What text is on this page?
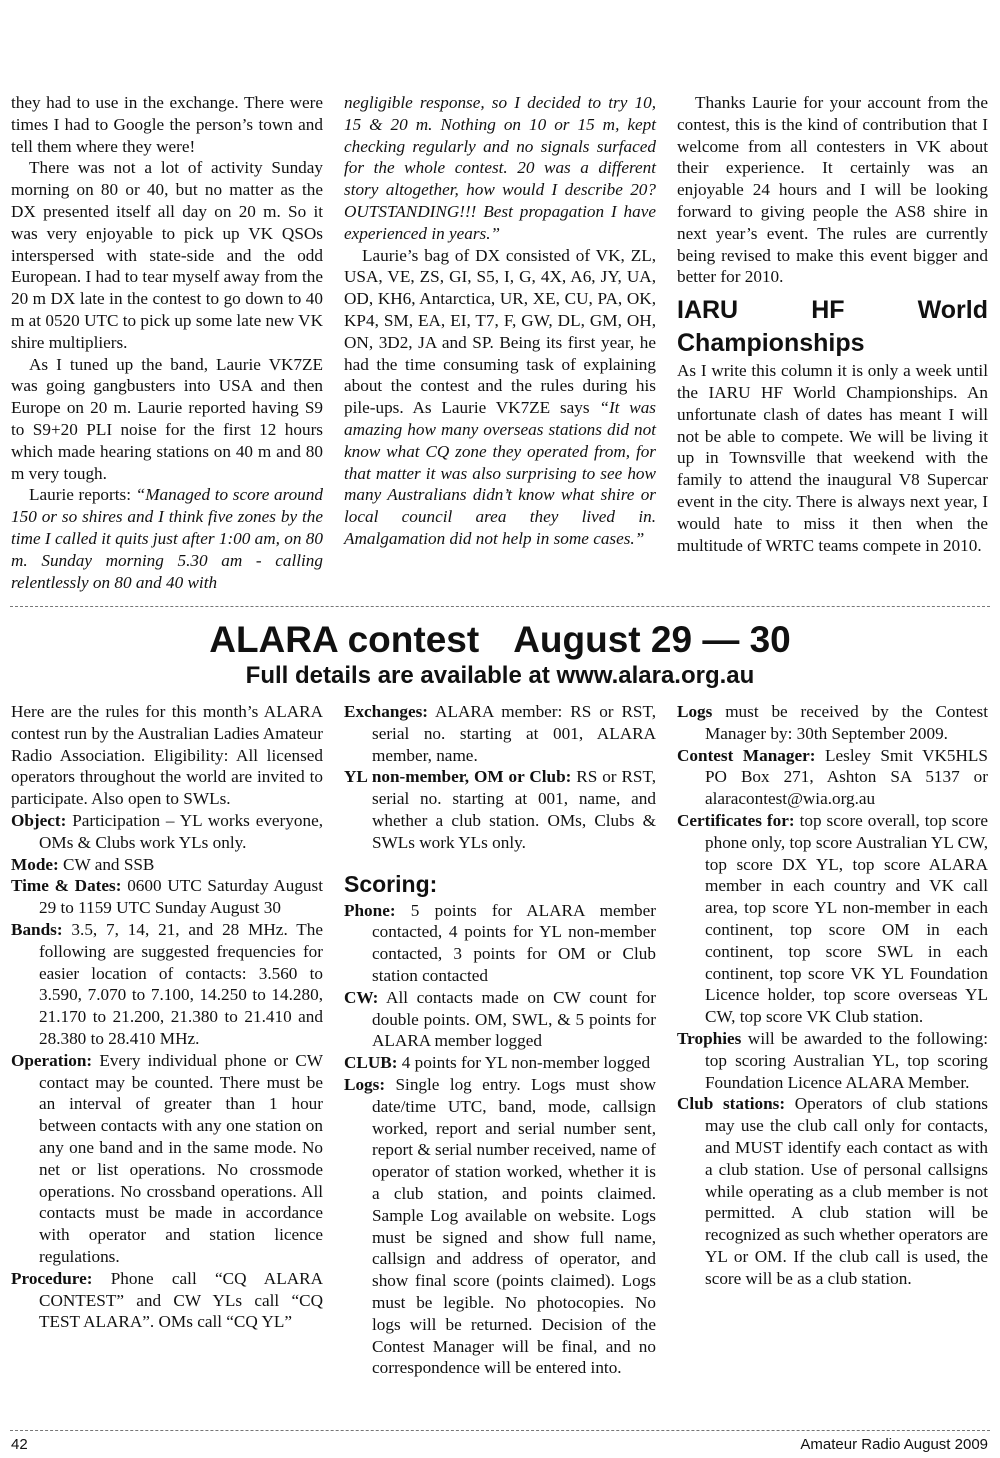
they had to use in the exchange. There were times I had to Google the person’s town and tell them where they were!

There was not a lot of activity Sunday morning on 80 or 40, but no matter as the DX presented itself all day on 20 m. So it was very enjoyable to pick up VK QSOs interspersed with state-side and the odd European. I had to tear myself away from the 20 m DX late in the contest to go down to 40 m at 0520 UTC to pick up some late new VK shire multipliers.

As I tuned up the band, Laurie VK7ZE was going gangbusters into USA and then Europe on 20 m. Laurie reported having S9 to S9+20 PLI noise for the first 12 hours which made hearing stations on 40 m and 80 m very tough.

Laurie reports: “Managed to score around 150 or so shires and I think five zones by the time I called it quits just after 1:00 am, on 80 m. Sunday morning 5.30 am - calling relentlessly on 80 and 40 with

negligible response, so I decided to try 10, 15 & 20 m. Nothing on 10 or 15 m, kept checking regularly and no signals surfaced for the whole contest. 20 was a different story altogether, how would I describe 20? OUTSTANDING!!! Best propagation I have experienced in years.”

Laurie’s bag of DX consisted of VK, ZL, USA, VE, ZS, GI, S5, I, G, 4X, A6, JY, UA, OD, KH6, Antarctica, UR, XE, CU, PA, OK, KP4, SM, EA, EI, T7, F, GW, DL, GM, OH, ON, 3D2, JA and SP. Being its first year, he had the time consuming task of explaining about the contest and the rules during his pile-ups. As Laurie VK7ZE says “It was amazing how many overseas stations did not know what CQ zone they operated from, for that matter it was also surprising to see how many Australians didn’t know what shire or local council area they lived in. Amalgamation did not help in some cases.”

Thanks Laurie for your account from the contest, this is the kind of contribution that I welcome from all contesters in VK about their experience. It certainly was an enjoyable 24 hours and I will be looking forward to giving people the AS8 shire in next year’s event. The rules are currently being revised to make this event bigger and better for 2010.

IARU HF World Championships

As I write this column it is only a week until the IARU HF World Championships. An unfortunate clash of dates has meant I will not be able to compete. We will be living it up in Townsville that weekend with the family to attend the inaugural V8 Supercar event in the city. There is always next year, I would hate to miss it then when the multitude of WRTC teams compete in 2010.

ALARA contest August 29 — 30
Full details are available at www.alara.org.au

Here are the rules for this month’s ALARA contest run by the Australian Ladies Amateur Radio Association. Eligibility: All licensed operators throughout the world are invited to participate. Also open to SWLs.

Object: Participation – YL works everyone, OMs & Clubs work YLs only.
Mode: CW and SSB
Time & Dates: 0600 UTC Saturday August 29 to 1159 UTC Sunday August 30
Bands: 3.5, 7, 14, 21, and 28 MHz. The following are suggested frequencies for easier location of contacts: 3.560 to 3.590, 7.070 to 7.100, 14.250 to 14.280, 21.170 to 21.200, 21.380 to 21.410 and 28.380 to 28.410 MHz.
Operation: Every individual phone or CW contact may be counted. There must be an interval of greater than 1 hour between contacts with any one station on any one band and in the same mode. No net or list operations. No crossmode operations. No crossband operations. All contacts must be made in accordance with operator and station licence regulations.
Procedure: Phone call “CQ ALARA CONTEST” and CW YLs call “CQ TEST ALARA”. OMs call “CQ YL”
Exchanges: ALARA member: RS or RST, serial no. starting at 001, ALARA member, name.
YL non-member, OM or Club: RS or RST, serial no. starting at 001, name, and whether a club station. OMs, Clubs & SWLs work YLs only.
Scoring:
Phone: 5 points for ALARA member contacted, 4 points for YL non-member contacted, 3 points for OM or Club station contacted
CW: All contacts made on CW count for double points. OM, SWL, & 5 points for ALARA member logged
CLUB: 4 points for YL non-member logged
Logs: Single log entry. Logs must show date/time UTC, band, mode, callsign worked, report and serial number sent, report & serial number received, name of operator of station worked, whether it is a club station, and points claimed. Sample Log available on website. Logs must be signed and show full name, callsign and address of operator, and show final score (points claimed). Logs must be legible. No photocopies. No logs will be returned. Decision of the Contest Manager will be final, and no correspondence will be entered into.
Logs must be received by the Contest Manager by: 30th September 2009.
Contest Manager: Lesley Smit VK5HLS PO Box 271, Ashton SA 5137 or alaracontest@wia.org.au
Certificates for: top score overall, top score phone only, top score Australian YL CW, top score DX YL, top score ALARA member in each country and VK call area, top score YL non-member in each continent, top score OM in each continent, top score SWL in each continent, top score VK YL Foundation Licence holder, top score overseas YL CW, top score VK Club station.
Trophies will be awarded to the following: top scoring Australian YL, top scoring Foundation Licence ALARA Member.
Club stations: Operators of club stations may use the club call only for contacts, and MUST identify each contact as with a club station. Use of personal callsigns while operating as a club member is not permitted. A club station will be recognized as such whether operators are YL or OM. If the club call is used, the score will be as a club station.
42	Amateur Radio August 2009
